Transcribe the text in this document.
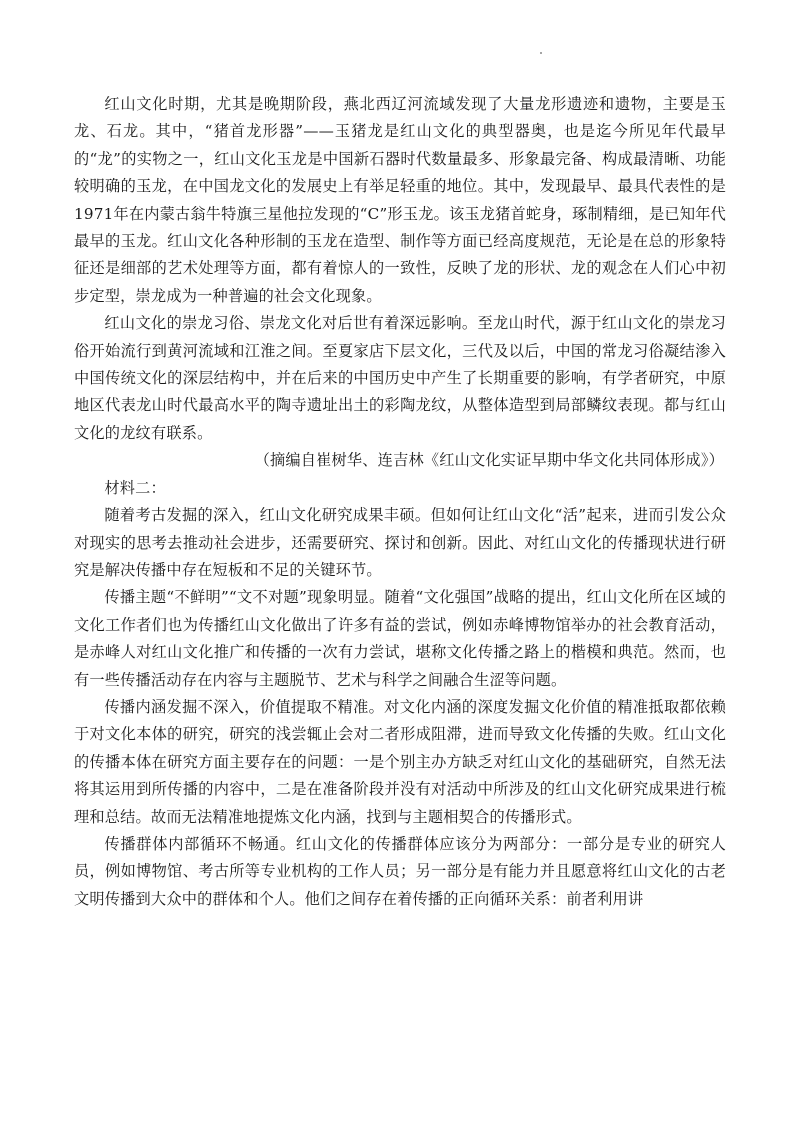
红山文化时期，尤其是晚期阶段，燕北西辽河流域发现了大量龙形遗迹和遗物，主要是玉龙、石龙。其中，“猪首龙形器”——玉猪龙是红山文化的典型器奥，也是迄今所见年代最早的“龙”的实物之一，红山文化玉龙是中国新石器时代数量最多、形象最完备、构成最清晰、功能较明确的玉龙，在中国龙文化的发展史上有举足轻重的地位。其中，发现最早、最具代表性的是1971年在内蒙古翁牛特旗三星他拉发现的“C”形玉龙。该玉龙猪首蛇身，琢制精细，是已知年代最早的玉龙。红山文化各种形制的玉龙在造型、制作等方面已经高度规范，无论是在总的形象特征还是细部的艺术处理等方面，都有着惊人的一致性，反映了龙的形状、龙的观念在人们心中初步定型，崇龙成为一种普遍的社会文化现象。

红山文化的崇龙习俗、崇龙文化对后世有着深远影响。至龙山时代，源于红山文化的崇龙习俗开始流行到黄河流域和江淮之间。至夏家店下层文化，三代及以后，中国的常龙习俗凝结渗入中国传统文化的深层结构中，并在后来的中国历史中产生了长期重要的影响，有学者研究，中原地区代表龙山时代最高水平的陶寺遗址出土的彩陶龙纹，从整体造型到局部鳞纹表现。都与红山文化的龙纹有联系。

（摘编自崔树华、连吉林《红山文化实证早期中华文化共同体形成》）

材料二：

随着考古发掘的深入，红山文化研究成果丰硕。但如何让红山文化“活”起来，进而引发公众对现实的思考去推动社会进步，还需要研究、探讨和创新。因此、对红山文化的传播现状进行研究是解决传播中存在短板和不足的关键环节。

传播主题“不鲜明”“文不对题”现象明显。随着“文化强国”战略的提出，红山文化所在区域的文化工作者们也为传播红山文化做出了许多有益的尝试，例如赤峰博物馆举办的社会教育活动，是赤峰人对红山文化推广和传播的一次有力尝试，堪称文化传播之路上的楷模和典范。然而，也有一些传播活动存在内容与主题脱节、艺术与科学之间融合生涩等问题。

传播内涵发掘不深入，价值提取不精准。对文化内涵的深度发掘文化价值的精准抵取都依赖于对文化本体的研究，研究的浅尝辄止会对二者形成阻滞，进而导致文化传播的失败。红山文化的传播本体在研究方面主要存在的问题：一是个别主办方缺乏对红山文化的基础研究，自然无法将其运用到所传播的内容中，二是在准备阶段并没有对活动中所涉及的红山文化研究成果进行梳理和总结。故而无法精准地提炼文化内涵，找到与主题相契合的传播形式。

传播群体内部循环不畅通。红山文化的传播群体应该分为两部分：一部分是专业的研究人员，例如博物馆、考古所等专业机构的工作人员；另一部分是有能力并且愿意将红山文化的古老文明传播到大众中的群体和个人。他们之间存在着传播的正向循环关系：前者利用讲
